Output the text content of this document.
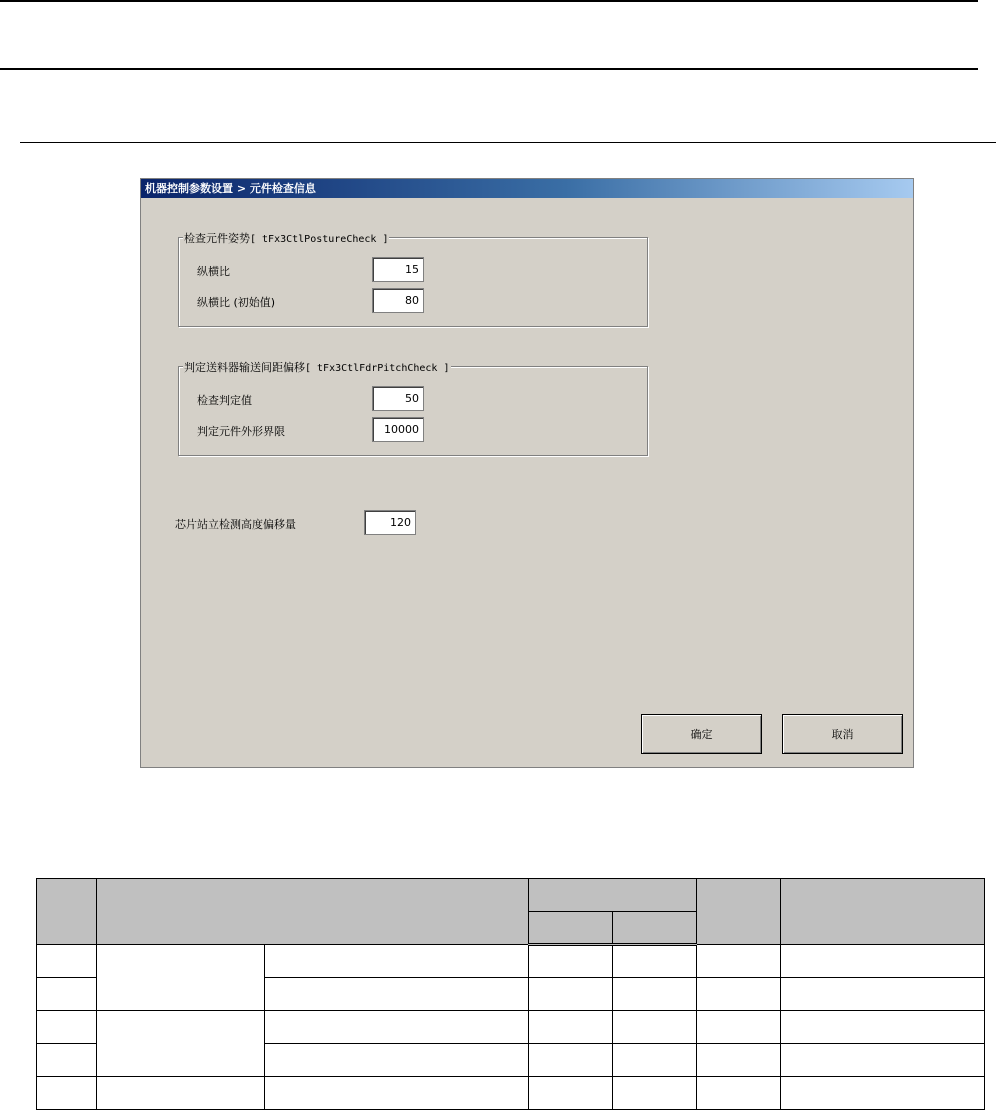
机器控制参数设置 > 元件检查信息
检查元件姿势[ tFx3CtlPostureCheck ]
纵横比
15
纵横比 (初始值)
80
判定送料器输送间距偏移[ tFx3CtlFdrPitchCheck ]
检查判定值
50
判定元件外形界限
10000
芯片站立检测高度偏移量
120
确定	取消
